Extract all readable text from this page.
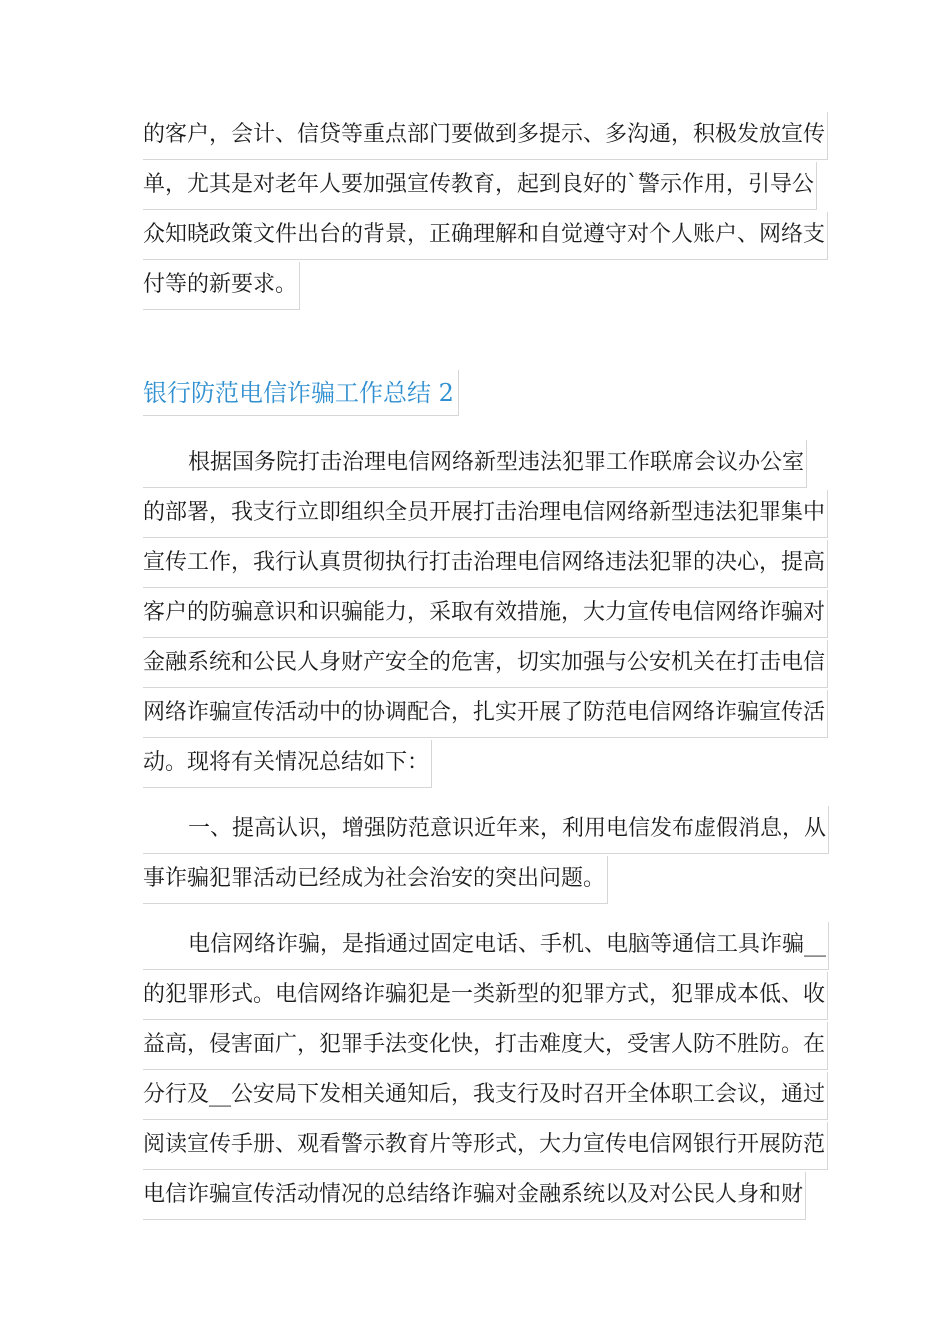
的客户，会计、信贷等重点部门要做到多提示、多沟通，积极发放宣传
单，尤其是对老年人要加强宣传教育，起到良好的`警示作用，引导公
众知晓政策文件出台的背景，正确理解和自觉遵守对个人账户、网络支
付等的新要求。
银行防范电信诈骗工作总结 2
根据国务院打击治理电信网络新型违法犯罪工作联席会议办公室
的部署，我支行立即组织全员开展打击治理电信网络新型违法犯罪集中
宣传工作，我行认真贯彻执行打击治理电信网络违法犯罪的决心，提高
客户的防骗意识和识骗能力，采取有效措施，大力宣传电信网络诈骗对
金融系统和公民人身财产安全的危害，切实加强与公安机关在打击电信
网络诈骗宣传活动中的协调配合，扎实开展了防范电信网络诈骗宣传活
动。现将有关情况总结如下：
一、提高认识，增强防范意识近年来，利用电信发布虚假消息，从
事诈骗犯罪活动已经成为社会治安的突出问题。
电信网络诈骗，是指通过固定电话、手机、电脑等通信工具诈骗__
的犯罪形式。电信网络诈骗犯是一类新型的犯罪方式，犯罪成本低、收
益高，侵害面广，犯罪手法变化快，打击难度大，受害人防不胜防。在
分行及__公安局下发相关通知后，我支行及时召开全体职工会议，通过
阅读宣传手册、观看警示教育片等形式，大力宣传电信网银行开展防范
电信诈骗宣传活动情况的总结络诈骗对金融系统以及对公民人身和财
